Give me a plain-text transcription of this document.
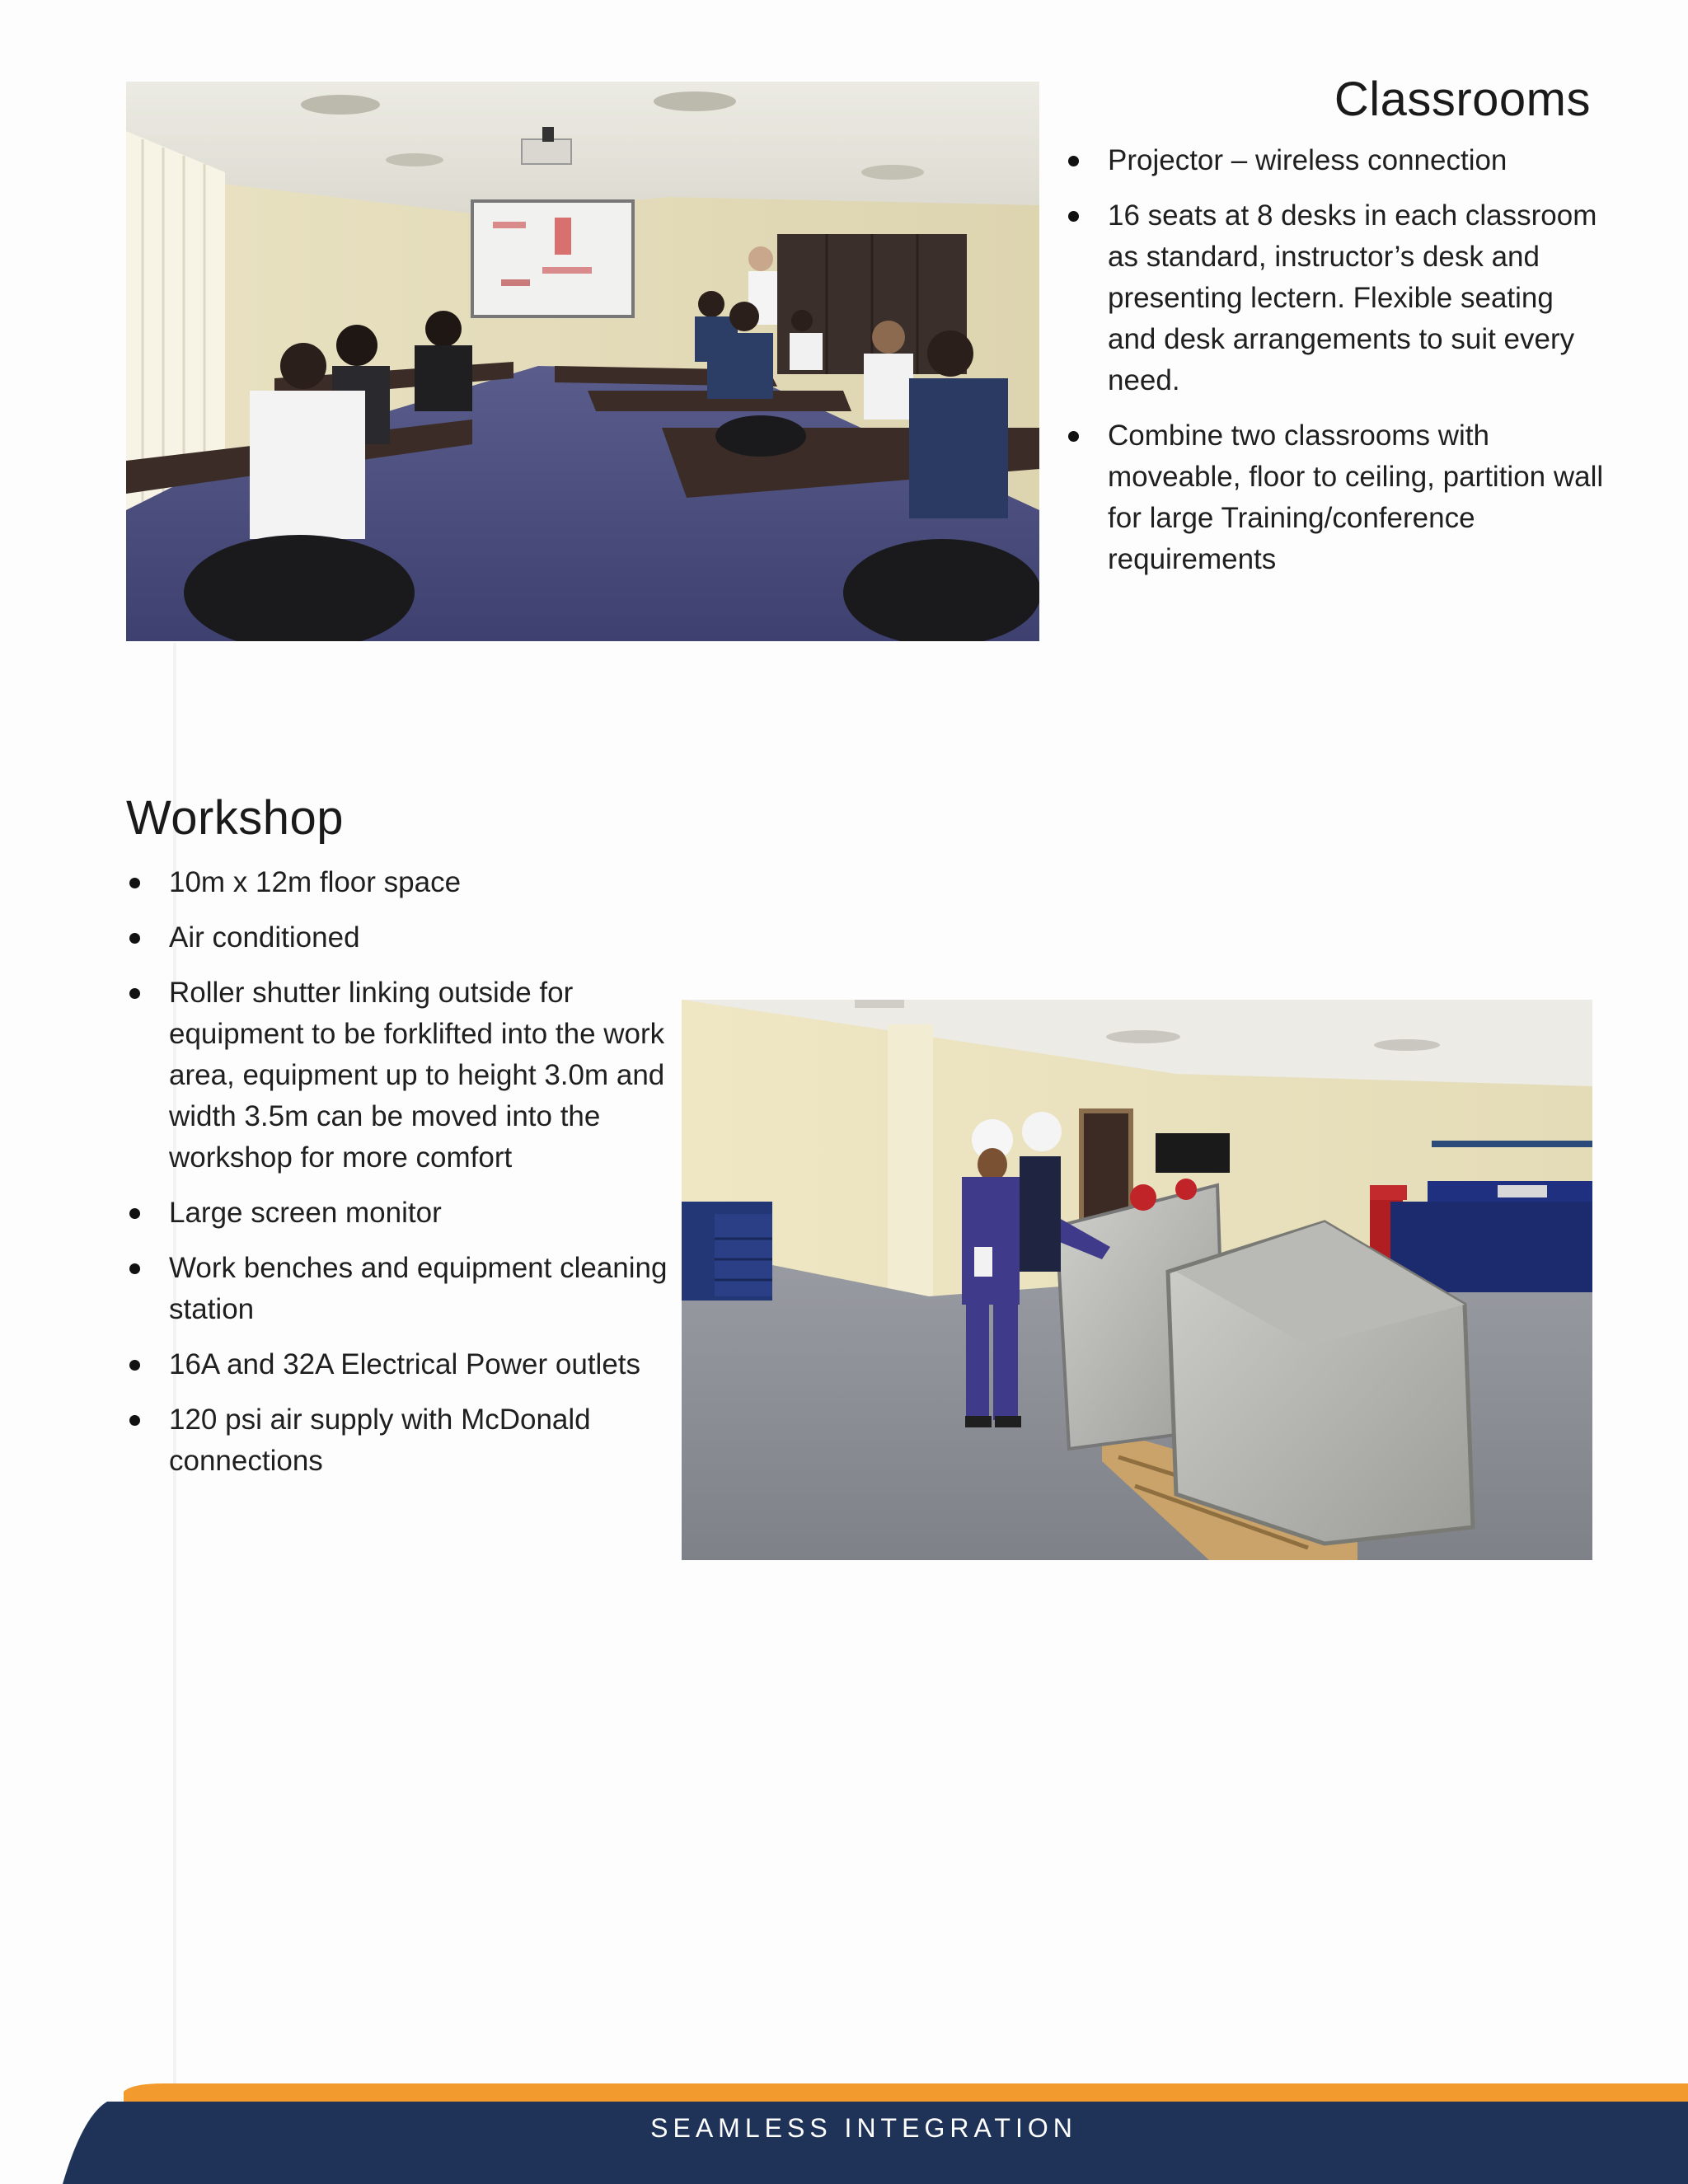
Classrooms
Projector – wireless connection
16 seats at 8 desks in each classroom as standard, instructor’s desk and presenting lectern. Flexible seating and desk arrangements to suit every need.
Combine two classrooms with moveable, floor to ceiling, partition wall for large Training/conference requirements
Workshop
10m x 12m floor space
Air conditioned
Roller shutter linking outside for equipment to be forklifted into the work area, equipment up to height 3.0m and width 3.5m can be moved into the workshop for more comfort
Large screen monitor
Work benches and equipment cleaning station
16A and 32A Electrical Power outlets
120 psi air supply with McDonald connections
SEAMLESS INTEGRATION
